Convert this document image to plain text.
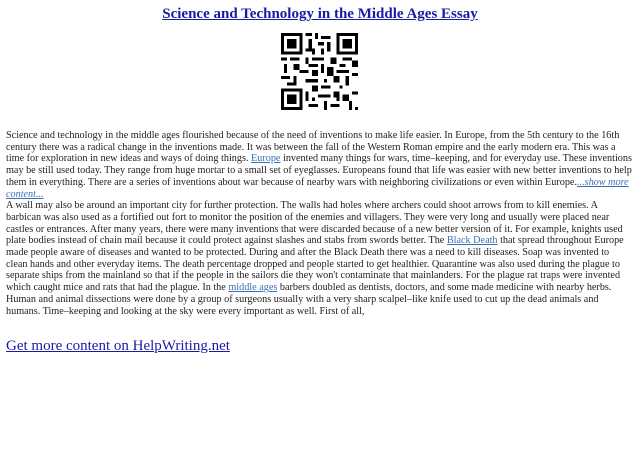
Science and Technology in the Middle Ages Essay

Science and technology in the middle ages flourished because of the need of inventions to make life easier. In Europe, from the 5th century to the 16th century there was a radical change in the inventions made. It was between the fall of the Western Roman empire and the early modern era. This was a time for exploration in new ideas and ways of doing things. Europe invented many things for wars, time–keeping, and for everyday use. These inventions may be still used today. They range from huge mortar to a small set of eyeglasses. Europeans found that life was easier with new better inventions to help them in everything. There are a series of inventions about war because of nearby wars with neighboring civilizations or even within Europe....show more content...

A wall may also be around an important city for further protection. The walls had holes where archers could shoot arrows from to kill enemies. A barbican was also used as a fortified out fort to monitor the position of the enemies and villagers. They were very long and usually were placed near castles or entrances. After many years, there were many inventions that were discarded because of a new better version of it. For example, knights used plate bodies instead of chain mail because it could protect against slashes and stabs from swords better. The Black Death that spread throughout Europe made people aware of diseases and wanted to be protected. During and after the Black Death there was a need to kill diseases. Soap was invented to clean hands and other everyday items. The death percentage dropped and people started to get healthier. Quarantine was also used during the plague to separate ships from the mainland so that if the people in the sailors die they won't contaminate that mainlanders. For the plague rat traps were invented which caught mice and rats that had the plague. In the middle ages barbers doubled as dentists, doctors, and some made medicine with nearby herbs. Human and animal dissections were done by a group of surgeons usually with a very sharp scalpel–like knife used to cut up the dead animals and humans. Time–keeping and looking at the sky were every important as well. First of all,

Get more content on HelpWriting.net
